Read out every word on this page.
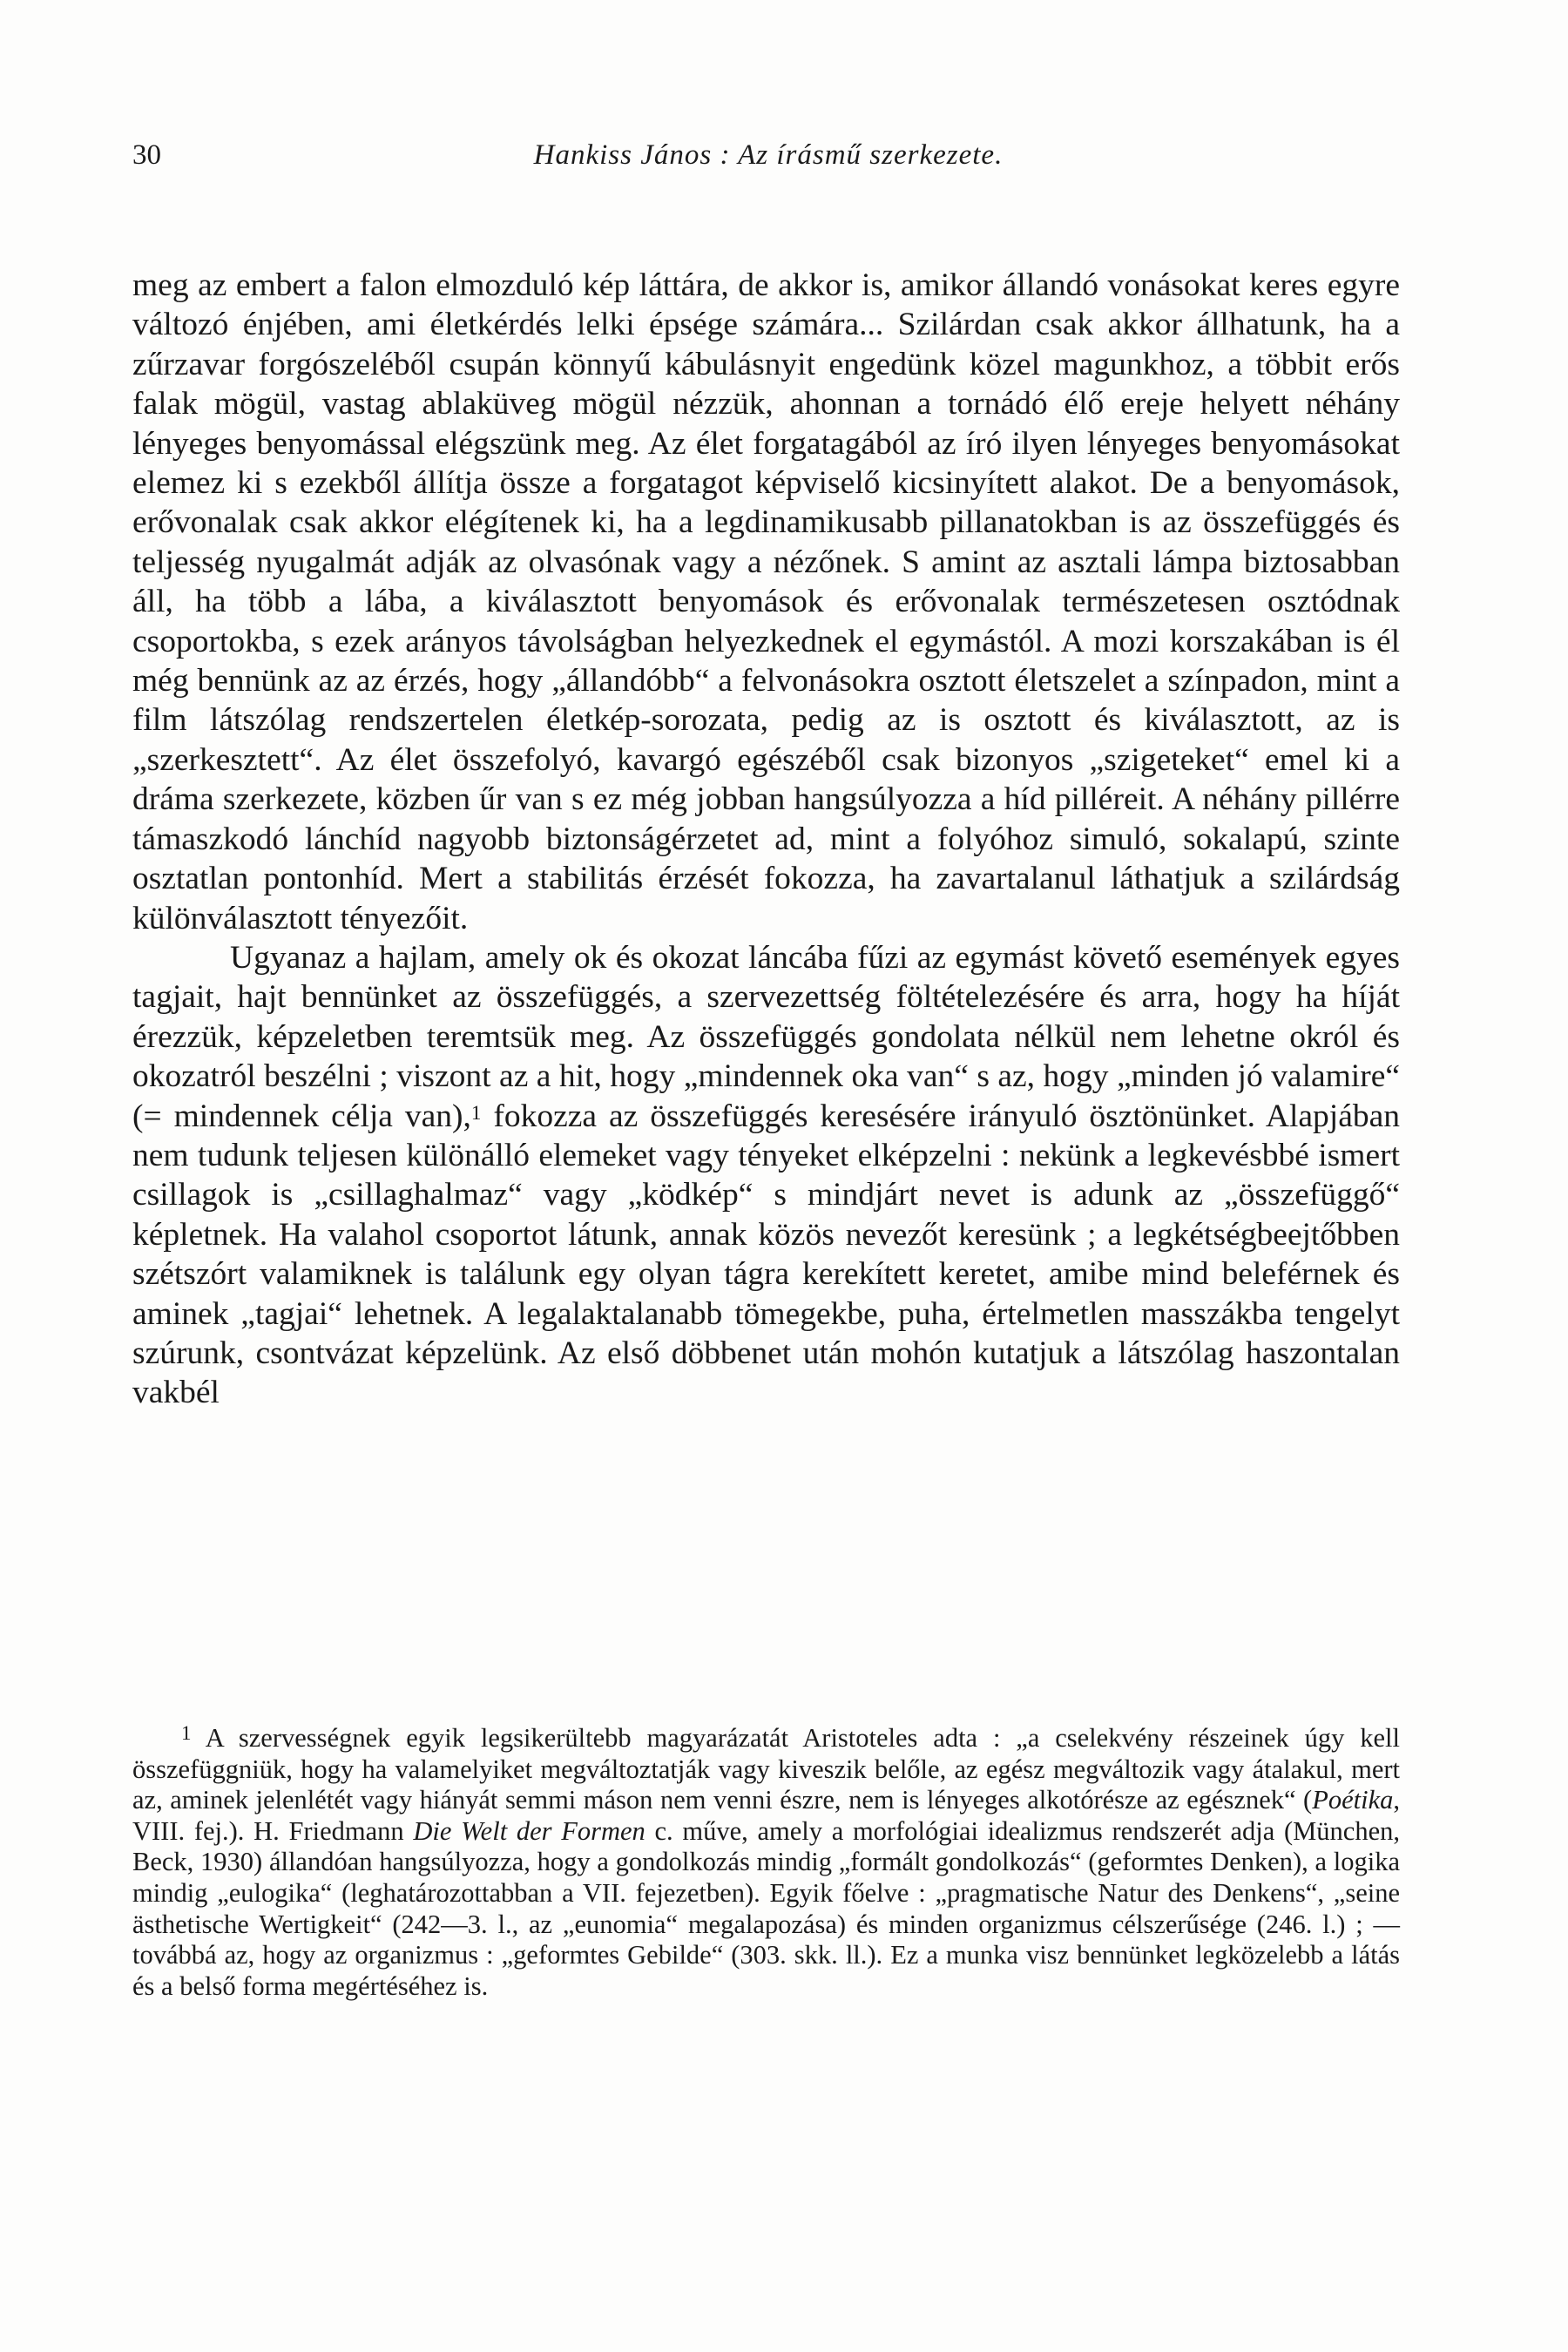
30	Hankiss János : Az írásmű szerkezete.

meg az embert a falon elmozduló kép láttára, de akkor is, amikor állandó vonásokat keres egyre változó énjében, ami életkérdés lelki épsége számára... Szilárdan csak akkor állhatunk, ha a zűrzavar forgószeléből csupán könnyű kábulásnyit engedünk közel magunkhoz, a többit erős falak mögül, vastag ablaküveg mögül nézzük, ahonnan a tornádó élő ereje helyett néhány lényeges benyomással elégszünk meg. Az élet forgatagából az író ilyen lényeges benyomásokat elemez ki s ezekből állítja össze a forgatagot képviselő kicsinyített alakot. De a benyomások, erővonalak csak akkor elégítenek ki, ha a legdinamikusabb pillanatokban is az összefüggés és teljesség nyugalmát adják az olvasónak vagy a nézőnek. S amint az asztali lámpa biztosabban áll, ha több a lába, a kiválasztott benyomások és erővonalak természetesen osztódnak csoportokba, s ezek arányos távolságban helyezkednek el egymástól. A mozi korszakában is él még bennünk az az érzés, hogy „állandóbb“ a felvonásokra osztott életszelet a színpadon, mint a film látszólag rendszertelen életkép-sorozata, pedig az is osztott és kiválasztott, az is „szerkesztett“. Az élet összefolyó, kavargó egészéből csak bizonyos „szigeteket“ emel ki a dráma szerkezete, közben űr van s ez még jobban hangsúlyozza a híd pilléreit. A néhány pillérre támaszkodó lánchíd nagyobb biztonságérzetet ad, mint a folyóhoz simuló, sokalapú, szinte osztatlan pontonhíd. Mert a stabilitás érzését fokozza, ha zavartalanul láthatjuk a szilárdság különválasztott tényezőit.

Ugyanaz a hajlam, amely ok és okozat láncába fűzi az egymást követő események egyes tagjait, hajt bennünket az összefüggés, a szervezettség föltételezésére és arra, hogy ha híját érezzük, képzeletben teremtsük meg. Az összefüggés gondolata nélkül nem lehetne okról és okozatról beszélni ; viszont az a hit, hogy „mindennek oka van“ s az, hogy „minden jó valamire“ (= mindennek célja van),$^1$ fokozza az összefüggés keresésére irányuló ösztönünket. Alapjában nem tudunk teljesen különálló elemeket vagy tényeket elképzelni : nekünk a legkevésbbé ismert csillagok is „csillaghalmaz“ vagy „ködkép“ s mindjárt nevet is adunk az „összefüggő“ képletnek. Ha valahol csoportot látunk, annak közös nevezőt keresünk ; a legkétségbeejtőbben szétszórt valamiknek is találunk egy olyan tágra kerekített keretet, amibe mind beleférnek és aminek „tagjai“ lehetnek. A legalaktalanabb tömegekbe, puha, értelmetlen masszákba tengelyt szúrunk, csontvázat képzelünk. Az első döbbenet után mohón kutatjuk a látszólag haszontalan vakbél

$^1$ A szervességnek egyik legsikerültebb magyarázatát Aristoteles adta : „a cselekvény részeinek úgy kell összefüggniük, hogy ha valamelyiket megváltoztatják vagy kiveszik belőle, az egész megváltozik vagy átalakul, mert az, aminek jelenlétét vagy hiányát semmi máson nem venni észre, nem is lényeges alkotórésze az egésznek“ (Poétika, VIII. fej.). H. Friedmann Die Welt der Formen c. műve, amely a morfológiai idealizmus rendszerét adja (München, Beck, 1930) állandóan hangsúlyozza, hogy a gondolkozás mindig „formált gondolkozás“ (geformtes Denken), a logika mindig „eulogika“ (leghatározottabban a VII. fejezetben). Egyik főelve : „pragmatische Natur des Denkens“, „seine ästhetische Wertigkeit“ (242—3. l., az „eunomia“ megalapozása) és minden organizmus célszerűsége (246. l.) ; — továbbá az, hogy az organizmus : „geformtes Gebilde“ (303. skk. ll.). Ez a munka visz bennünket legközelebb a látás és a belső forma megértéséhez is.
